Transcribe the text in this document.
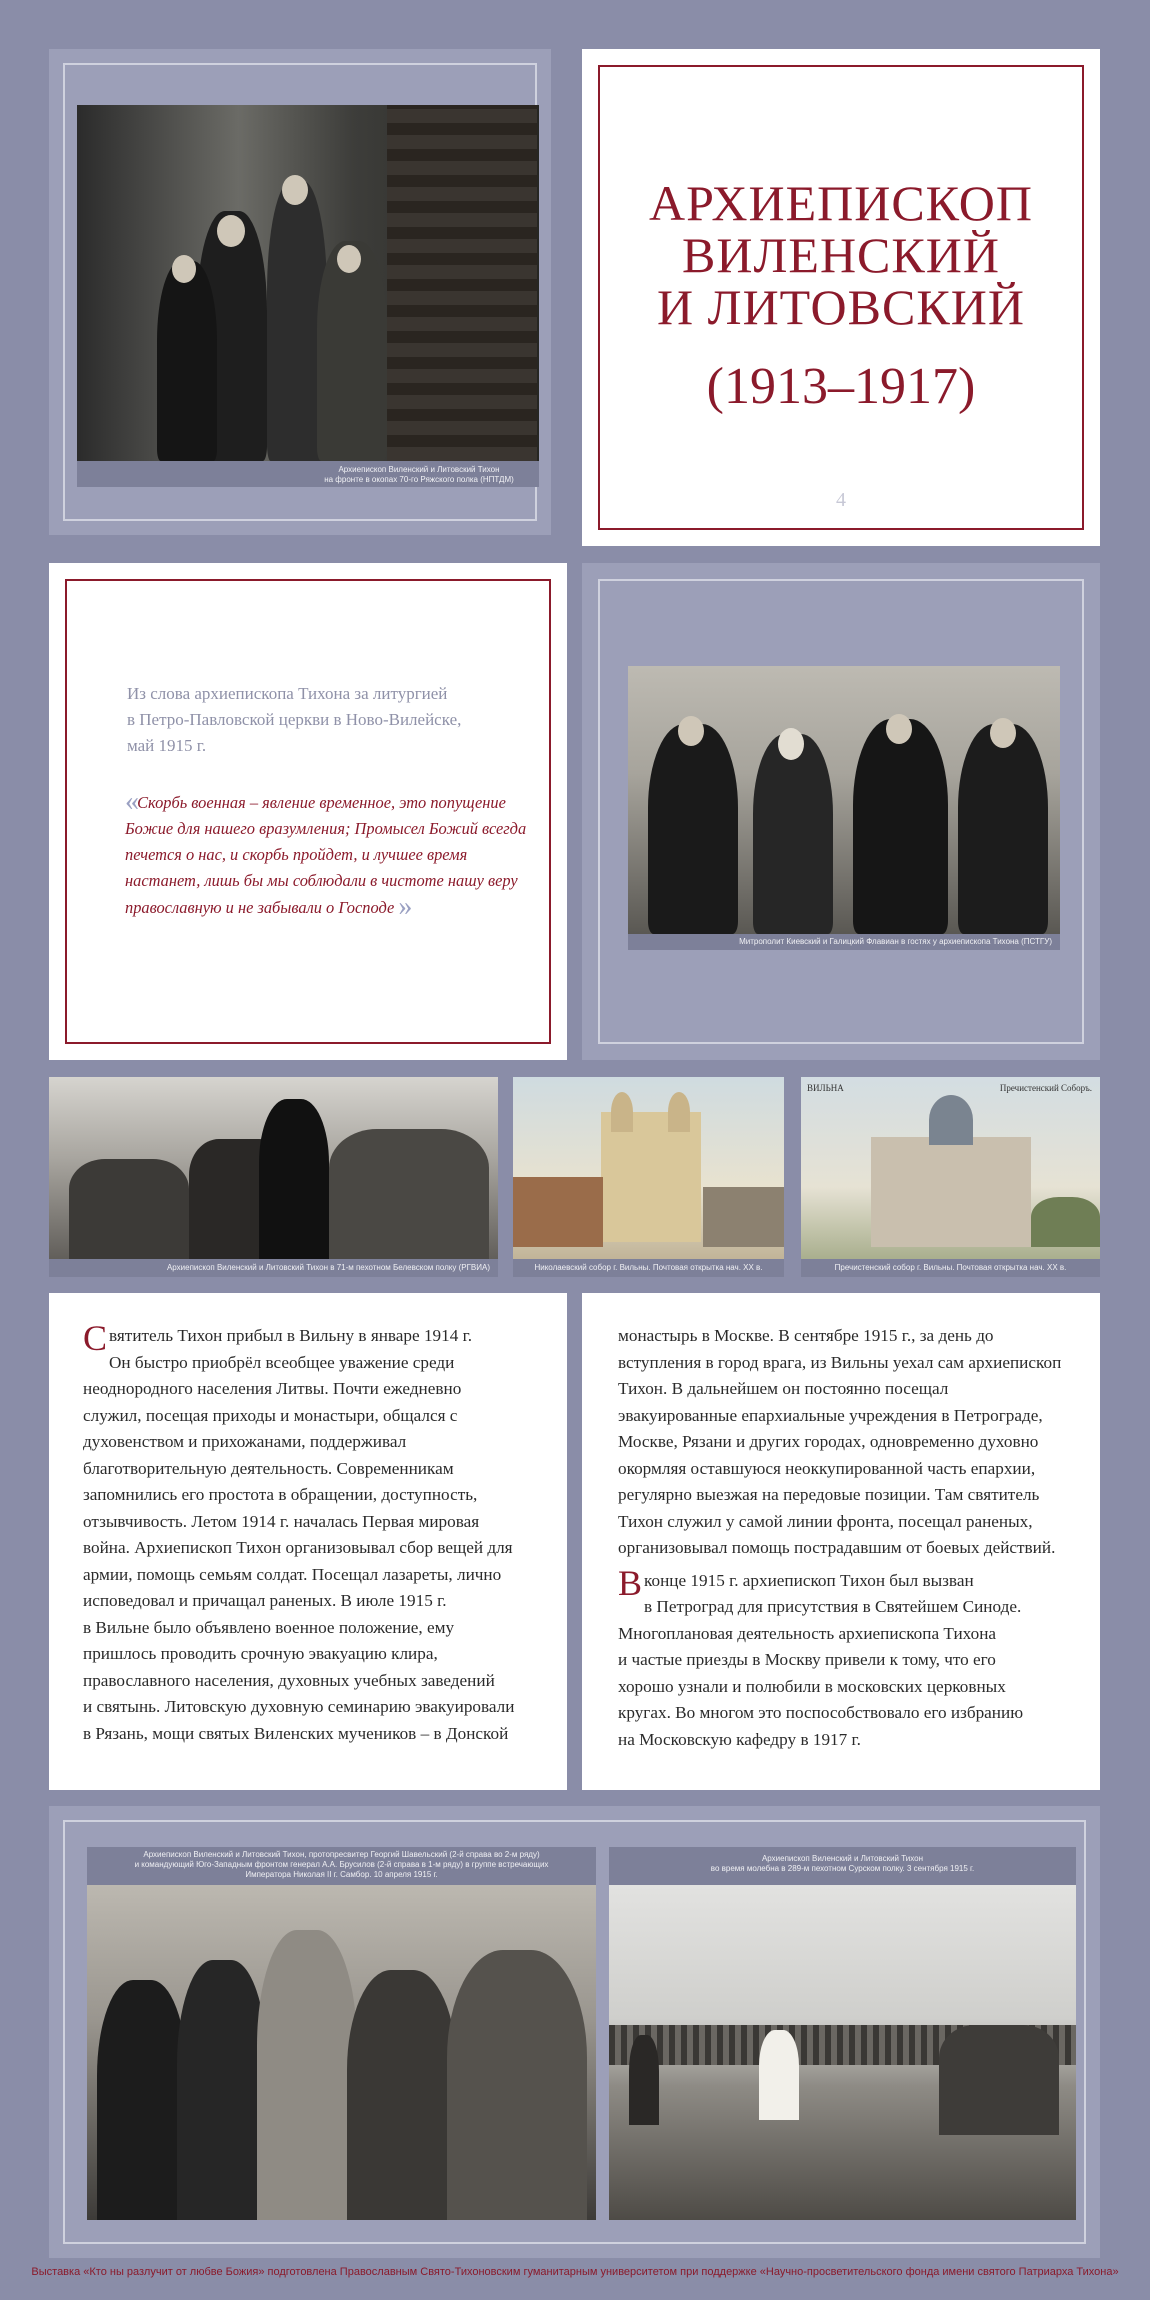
Архиепископ Виленский и Литовский Тихон
на фронте в окопах 70-го Ряжского полка (НПТДМ)
АРХИЕПИСКОП
ВИЛЕНСКИЙ
И ЛИТОВСКИЙ
(1913–1917)
4
Из слова архиепископа Тихона за литургией
в Петро-Павловской церкви в Ново-Вилейске,
май 1915 г.
« Скорбь военная – явление временное, это попущение
Божие для нашего вразумления; Промысел Божий всегда
печется о нас, и скорбь пройдет, и лучшее время
настанет, лишь бы мы соблюдали в чистоте нашу веру
православную и не забывали о Господе »
Митрополит Киевский и Галицкий Флавиан в гостях у архиепископа Тихона (ПСТГУ)
Архиепископ Виленский и Литовский Тихон в 71-м пехотном Белевском полку (РГВИА)	Николаевский собор г. Вильны. Почтовая открытка нач. XX в.
ВИЛЬНА	Пречистенский Соборъ.
Пречистенский собор г. Вильны. Почтовая открытка нач. XX в.
Святитель Тихон прибыл в Вильну в январе 1914 г.
Он быстро приобрёл всеобщее уважение среди
неоднородного населения Литвы. Почти ежедневно
служил, посещая приходы и монастыри, общался с
духовенством и прихожанами, поддерживал
благотворительную деятельность. Современникам
запомнились его простота в обращении, доступность,
отзывчивость. Летом 1914 г. началась Первая мировая
война. Архиепископ Тихон организовывал сбор вещей для
армии, помощь семьям солдат. Посещал лазареты, лично
исповедовал и причащал раненых. В июле 1915 г.
в Вильне было объявлено военное положение, ему
пришлось проводить срочную эвакуацию клира,
православного населения, духовных учебных заведений
и святынь. Литовскую духовную семинарию эвакуировали
в Рязань, мощи святых Виленских мучеников – в Донской
монастырь в Москве. В сентябре 1915 г., за день до
вступления в город врага, из Вильны уехал сам архиепископ
Тихон. В дальнейшем он постоянно посещал
эвакуированные епархиальные учреждения в Петрограде,
Москве, Рязани и других городах, одновременно духовно
окормляя оставшуюся неоккупированной часть епархии,
регулярно выезжая на передовые позиции. Там святитель
Тихон служил у самой линии фронта, посещал раненых,
организовывал помощь пострадавшим от боевых действий.
В конце 1915 г. архиепископ Тихон был вызван
в Петроград для присутствия в Святейшем Синоде.
Многоплановая деятельность архиепископа Тихона
и частые приезды в Москву привели к тому, что его
хорошо узнали и полюбили в московских церковных
кругах. Во многом это поспособствовало его избранию
на Московскую кафедру в 1917 г.
Архиепископ Виленский и Литовский Тихон, протопресвитер Георгий Шавельский (2-й справа во 2-м ряду)
и командующий Юго-Западным фронтом генерал А.А. Брусилов (2-й справа в 1-м ряду) в группе встречающих
Императора Николая II г. Самбор. 10 апреля 1915 г.
Архиепископ Виленский и Литовский Тихон
во время молебна в 289-м пехотном Сурском полку. 3 сентября 1915 г.
Выставка «Кто ны разлучит от любве Божия» подготовлена Православным Свято-Тихоновским гуманитарным университетом при поддержке «Научно-просветительского фонда имени святого Патриарха Тихона»
